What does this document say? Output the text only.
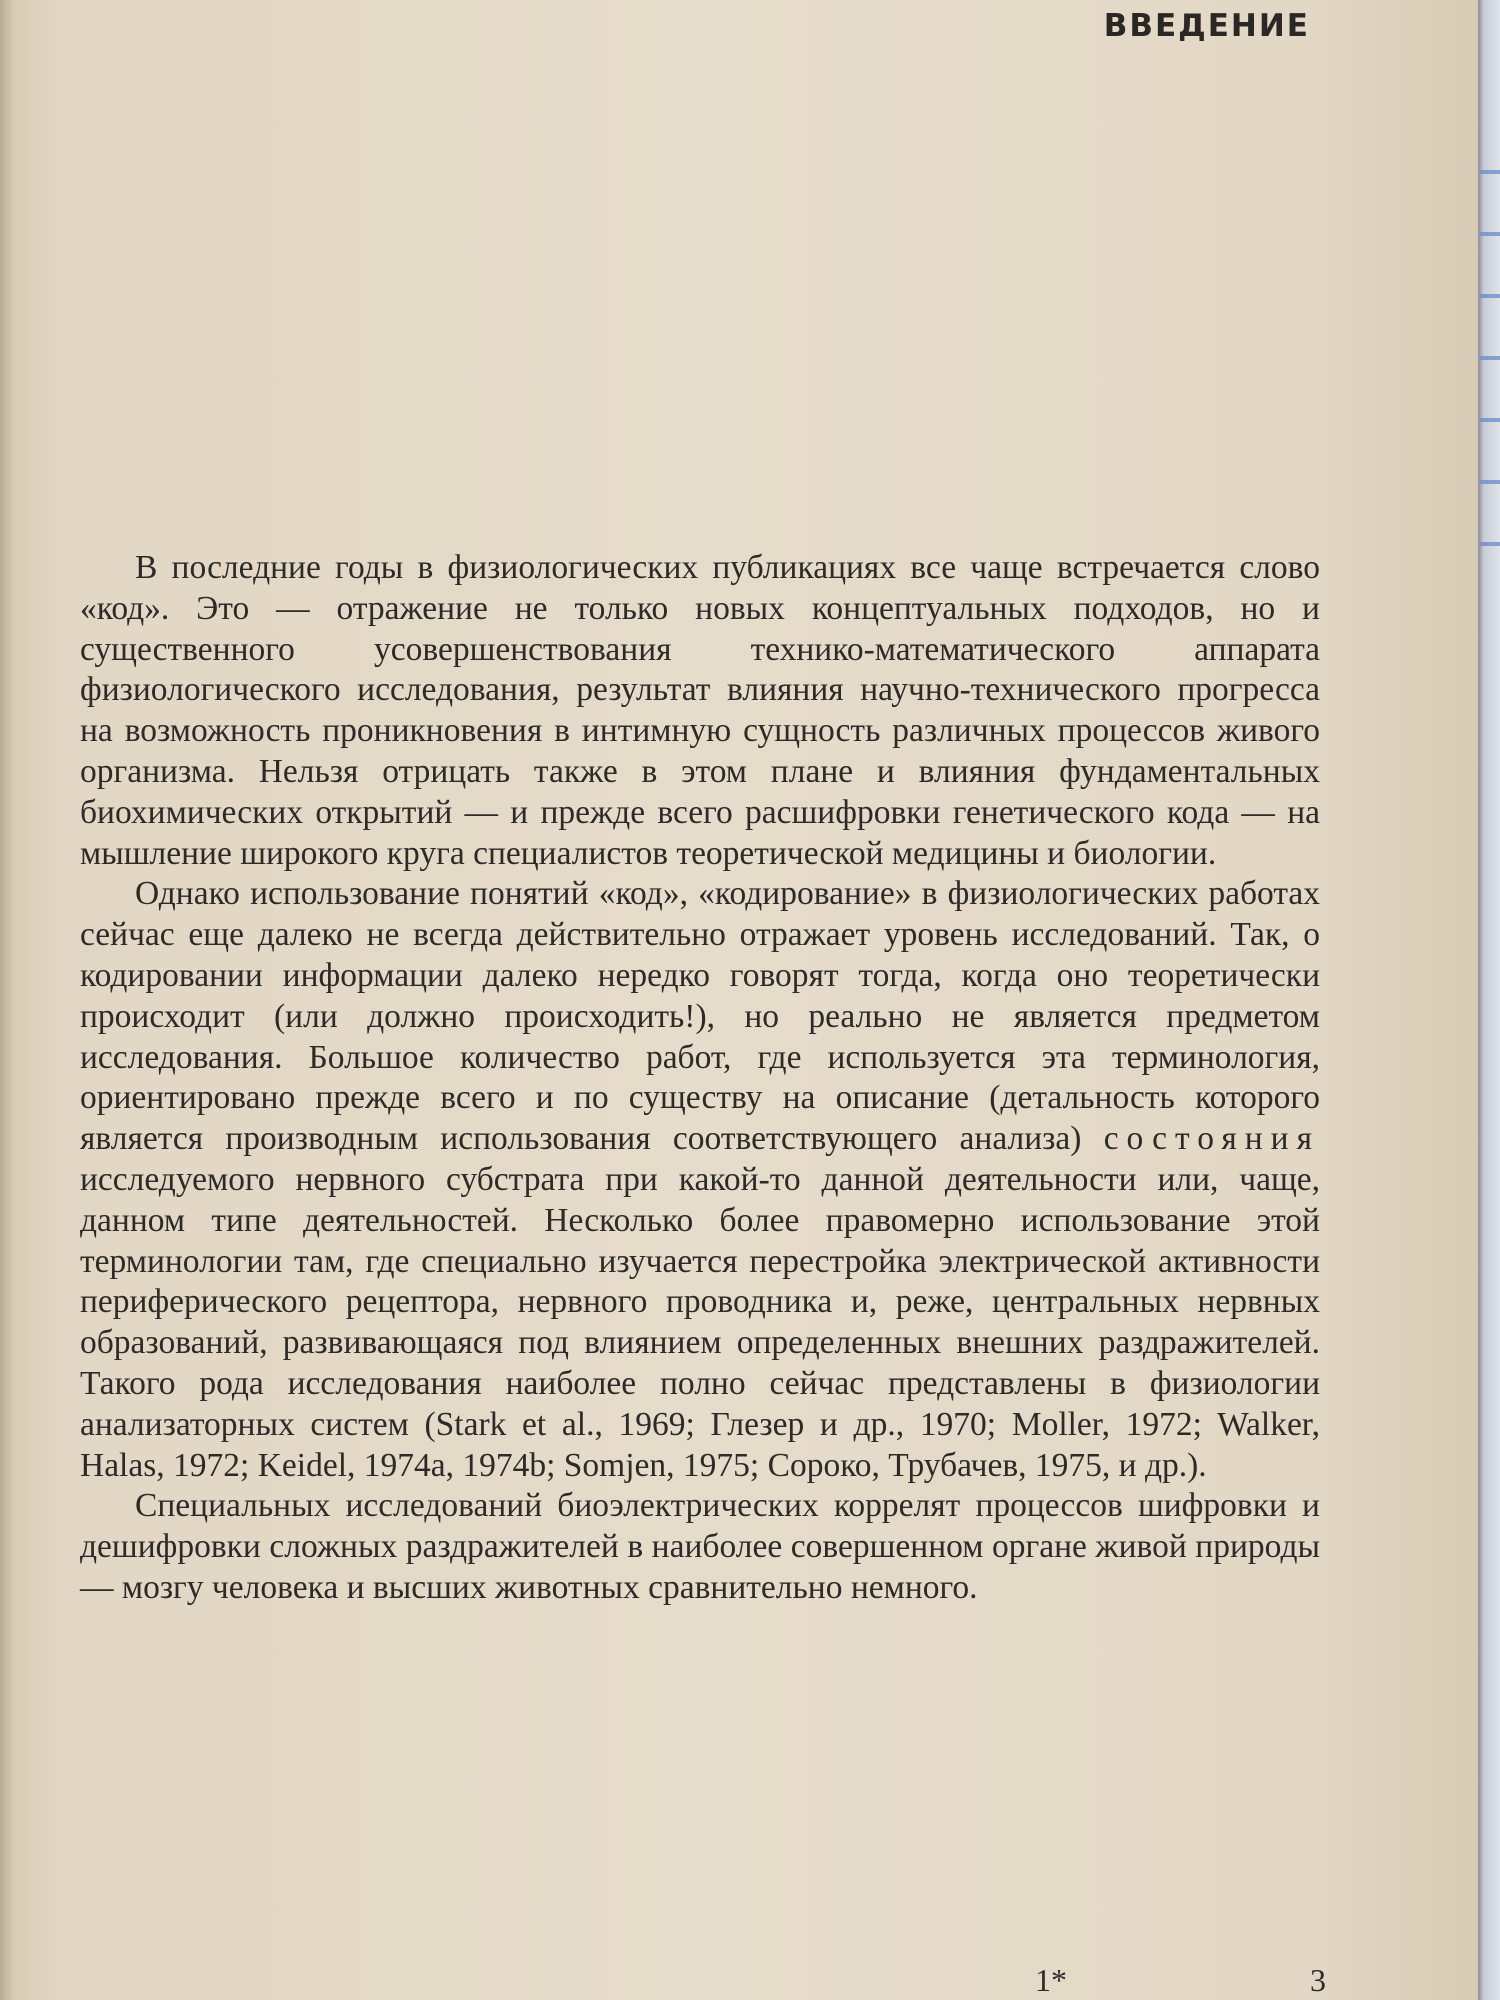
ВВЕДЕНИЕ

В последние годы в физиологических публикациях все чаще встречается слово «код». Это — отражение не только новых концептуальных подходов, но и существенного усовершенствования технико-математического аппарата физиологического исследования, результат влияния научно-технического прогресса на возможность проникновения в интимную сущность различных процессов живого организма. Нельзя отрицать также в этом плане и влияния фундаментальных биохимических открытий — и прежде всего расшифровки генетического кода — на мышление широкого круга специалистов теоретической медицины и биологии.

Однако использование понятий «код», «кодирование» в физиологических работах сейчас еще далеко не всегда действительно отражает уровень исследований. Так, о кодировании информации далеко нередко говорят тогда, когда оно теоретически происходит (или должно происходить!), но реально не является предметом исследования. Большое количество работ, где используется эта терминология, ориентировано прежде всего и по существу на описание (детальность которого является производным использования соответствующего анализа) состояния исследуемого нервного субстрата при какой-то данной деятельности или, чаще, данном типе деятельностей. Несколько более правомерно использование этой терминологии там, где специально изучается перестройка электрической активности периферического рецептора, нервного проводника и, реже, центральных нервных образований, развивающаяся под влиянием определенных внешних раздражителей. Такого рода исследования наиболее полно сейчас представлены в физиологии анализаторных систем (Stark et al., 1969; Глезер и др., 1970; Moller, 1972; Walker, Halas, 1972; Keidel, 1974a, 1974b; Somjen, 1975; Сороко, Трубачев, 1975, и др.).

Специальных исследований биоэлектрических коррелят процессов шифровки и дешифровки сложных раздражителей в наиболее совершенном органе живой природы — мозгу человека и высших животных сравнительно немного.

1*	3
